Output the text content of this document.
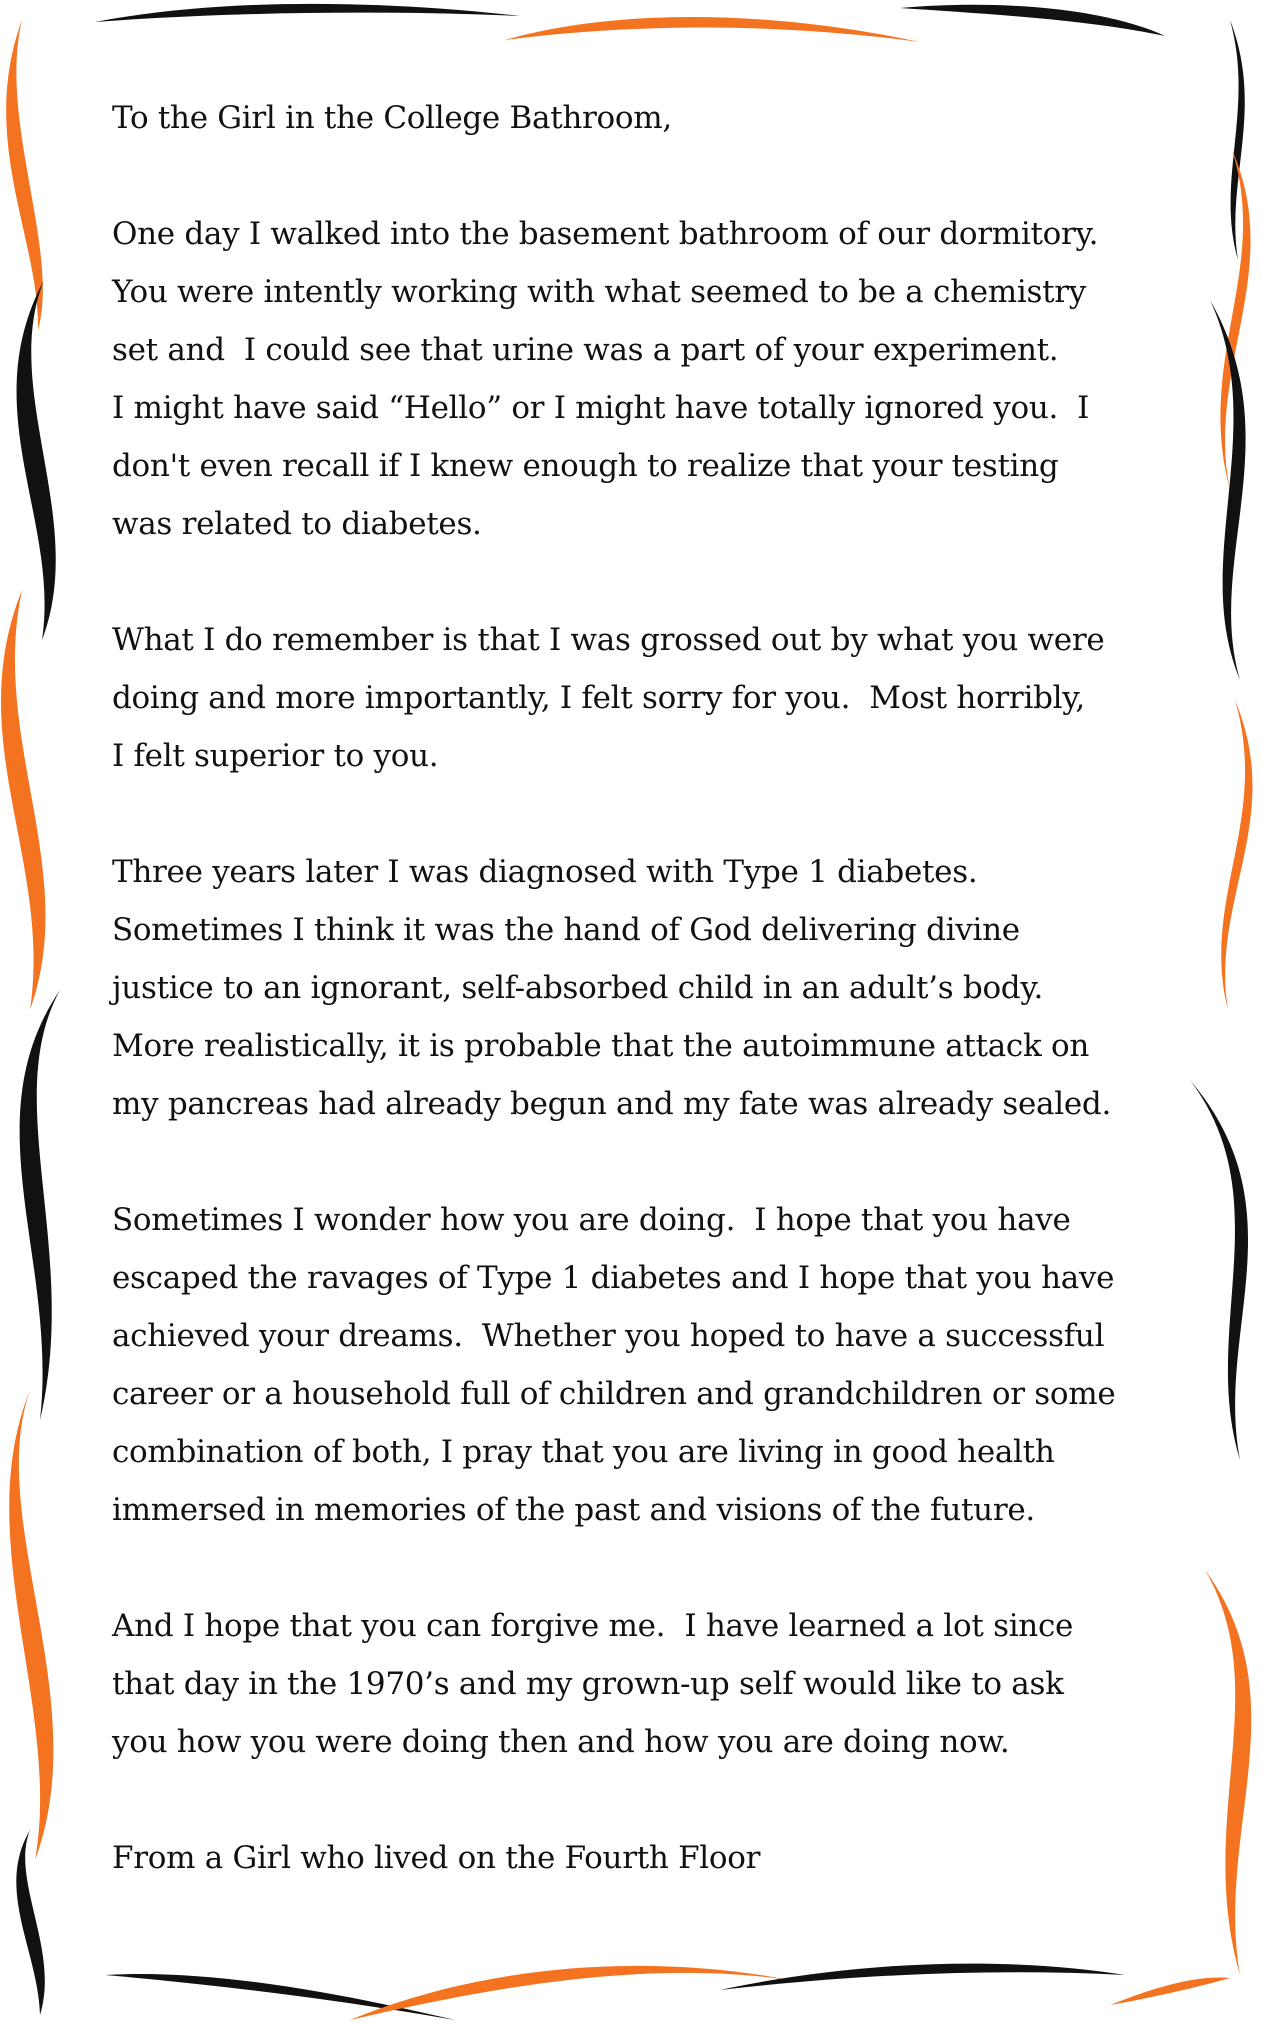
To the Girl in the College Bathroom,
One day I walked into the basement bathroom of our dormitory.
You were intently working with what seemed to be a chemistry
set and  I could see that urine was a part of your experiment.
I might have said “Hello” or I might have totally ignored you.  I
don't even recall if I knew enough to realize that your testing
was related to diabetes.
What I do remember is that I was grossed out by what you were
doing and more importantly, I felt sorry for you.  Most horribly,
I felt superior to you.
Three years later I was diagnosed with Type 1 diabetes.
Sometimes I think it was the hand of God delivering divine
justice to an ignorant, self-absorbed child in an adult’s body.
More realistically, it is probable that the autoimmune attack on
my pancreas had already begun and my fate was already sealed.
Sometimes I wonder how you are doing.  I hope that you have
escaped the ravages of Type 1 diabetes and I hope that you have
achieved your dreams.  Whether you hoped to have a successful
career or a household full of children and grandchildren or some
combination of both, I pray that you are living in good health
immersed in memories of the past and visions of the future.
And I hope that you can forgive me.  I have learned a lot since
that day in the 1970’s and my grown-up self would like to ask
you how you were doing then and how you are doing now.
From a Girl who lived on the Fourth Floor
